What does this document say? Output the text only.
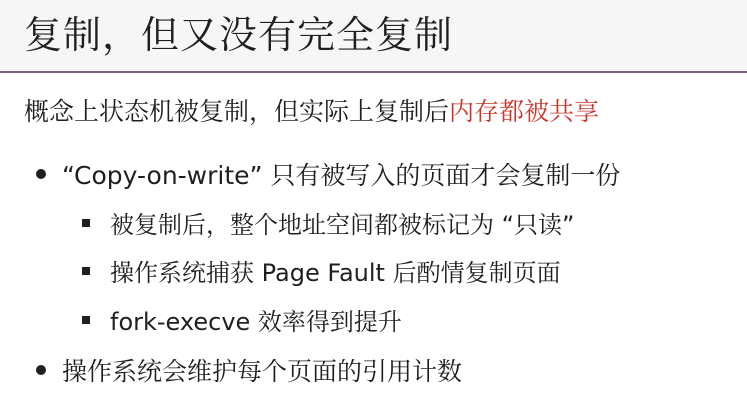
复制，但又没有完全复制
概念上状态机被复制，但实际上复制后内存都被共享
“Copy-on-write” 只有被写入的页面才会复制一份
被复制后，整个地址空间都被标记为 “只读”
操作系统捕获 Page Fault 后酌情复制页面
fork-execve 效率得到提升
操作系统会维护每个页面的引用计数
